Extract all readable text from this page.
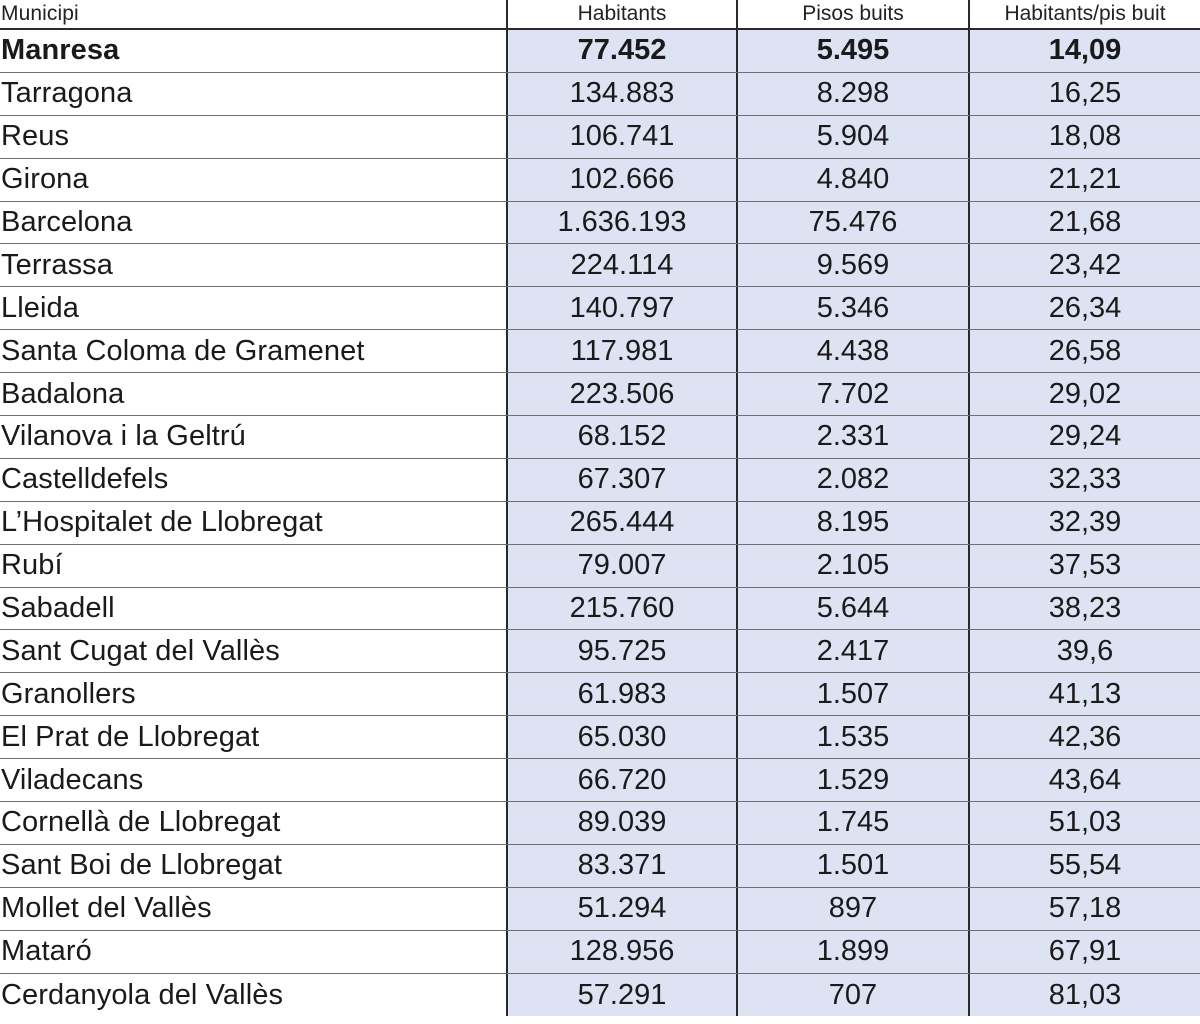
Municipi	Habitants	Pisos buits	Habitants/pis buit
Manresa	77.452	5.495	14,09
Tarragona	134.883	8.298	16,25
Reus	106.741	5.904	18,08
Girona	102.666	4.840	21,21
Barcelona	1.636.193	75.476	21,68
Terrassa	224.114	9.569	23,42
Lleida	140.797	5.346	26,34
Santa Coloma de Gramenet	117.981	4.438	26,58
Badalona	223.506	7.702	29,02
Vilanova i la Geltrú	68.152	2.331	29,24
Castelldefels	67.307	2.082	32,33
L’Hospitalet de Llobregat	265.444	8.195	32,39
Rubí	79.007	2.105	37,53
Sabadell	215.760	5.644	38,23
Sant Cugat del Vallès	95.725	2.417	39,6
Granollers	61.983	1.507	41,13
El Prat de Llobregat	65.030	1.535	42,36
Viladecans	66.720	1.529	43,64
Cornellà de Llobregat	89.039	1.745	51,03
Sant Boi de Llobregat	83.371	1.501	55,54
Mollet del Vallès	51.294	897	57,18
Mataró	128.956	1.899	67,91
Cerdanyola del Vallès	57.291	707	81,03
